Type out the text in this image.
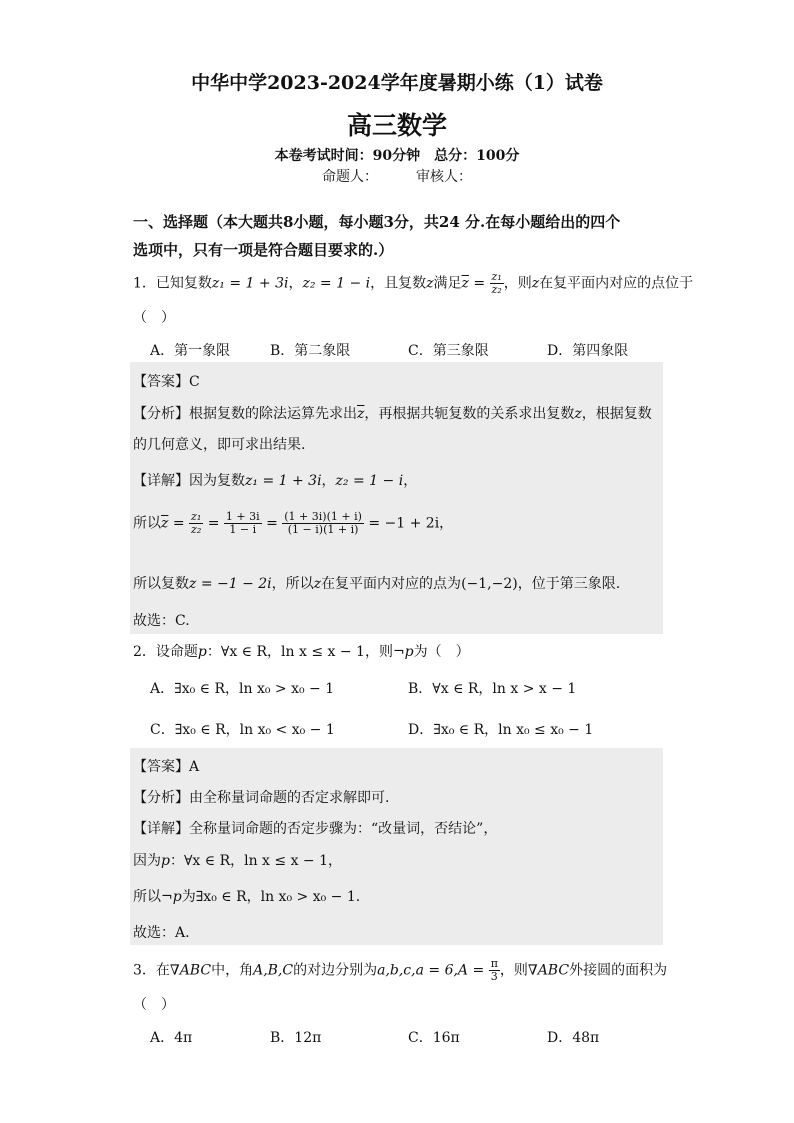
中华中学2023-2024学年度暑期小练（1）试卷
高三数学
本卷考试时间：90分钟 总分：100分
命题人：	审核人：
一、选择题（本大题共8小题，每小题3分，共24 分.在每小题给出的四个
选项中，只有一项是符合题目要求的.）
1．已知复数z₁ = 1 + 3i，z₂ = 1 − i，且复数z满足$\overline{z} = \frac{\text{z₁}}{\text{z₂}}$ ，则z在复平面内对应的点位于
（　）
A．第一象限	B．第二象限	C．第三象限	D．第四象限
【答案】C
【分析】根据复数的除法运算先求出$\overline{z}$，再根据共轭复数的关系求出复数z，根据复数
的几何意义，即可求出结果.
【详解】因为复数z₁ = 1 + 3i，z₂ = 1 − i，
所以$\overline{z} = \frac{\text{z₁}}{\text{z₂}} = \frac{1 + 3i}{1 - i} = \frac{(1 + 3i)(1 + i)}{(1 - i)(1 + i)} = -1 + 2i$，
所以复数z = −1 − 2i，所以z在复平面内对应的点为(−1,−2)，位于第三象限.
故选：C.
2．设命题p：∀x ∈ R，ln x ≤ x − 1，则¬p为（　）
A．∃x₀ ∈ R，ln x₀ > x₀ − 1	B．∀x ∈ R，ln x > x − 1
C．∃x₀ ∈ R，ln x₀ < x₀ − 1	D．∃x₀ ∈ R，ln x₀ ≤ x₀ − 1
【答案】A
【分析】由全称量词命题的否定求解即可.
【详解】全称量词命题的否定步骤为：“改量词，否结论”，
因为p：∀x ∈ R，ln x ≤ x − 1，
所以¬p为∃x₀ ∈ R，ln x₀ > x₀ − 1.
故选：A.
3．在∇ABC中，角A,B,C的对边分别为$a,b,c,a = 6,A = \frac{\pi}{3}$ ，则∇ABC外接圆的面积为
（　）
A．4π	B．12π	C．16π	D．48π
